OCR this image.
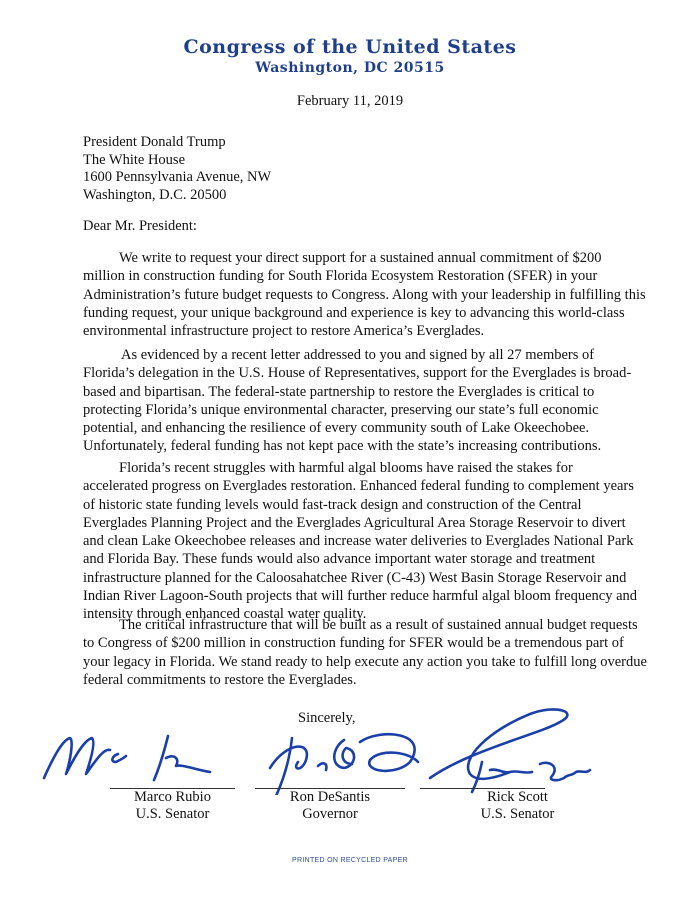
Congress of the United States
Washington, DC 20515
February 11, 2019
President Donald Trump
The White House
1600 Pennsylvania Avenue, NW
Washington, D.C. 20500
Dear Mr. President:
We write to request your direct support for a sustained annual commitment of $200
million in construction funding for South Florida Ecosystem Restoration (SFER) in your
Administration’s future budget requests to Congress. Along with your leadership in fulfilling this
funding request, your unique background and experience is key to advancing this world-class
environmental infrastructure project to restore America’s Everglades.
As evidenced by a recent letter addressed to you and signed by all 27 members of
Florida’s delegation in the U.S. House of Representatives, support for the Everglades is broad-
based and bipartisan. The federal-state partnership to restore the Everglades is critical to
protecting Florida’s unique environmental character, preserving our state’s full economic
potential, and enhancing the resilience of every community south of Lake Okeechobee.
Unfortunately, federal funding has not kept pace with the state’s increasing contributions.
Florida’s recent struggles with harmful algal blooms have raised the stakes for
accelerated progress on Everglades restoration. Enhanced federal funding to complement years
of historic state funding levels would fast-track design and construction of the Central
Everglades Planning Project and the Everglades Agricultural Area Storage Reservoir to divert
and clean Lake Okeechobee releases and increase water deliveries to Everglades National Park
and Florida Bay. These funds would also advance important water storage and treatment
infrastructure planned for the Caloosahatchee River (C-43) West Basin Storage Reservoir and
Indian River Lagoon-South projects that will further reduce harmful algal bloom frequency and
intensity through enhanced coastal water quality.
The critical infrastructure that will be built as a result of sustained annual budget requests
to Congress of $200 million in construction funding for SFER would be a tremendous part of
your legacy in Florida. We stand ready to help execute any action you take to fulfill long overdue
federal commitments to restore the Everglades.
Sincerely,
Marco Rubio
U.S. Senator
Ron DeSantis
Governor
Rick Scott
U.S. Senator
PRINTED ON RECYCLED PAPER
